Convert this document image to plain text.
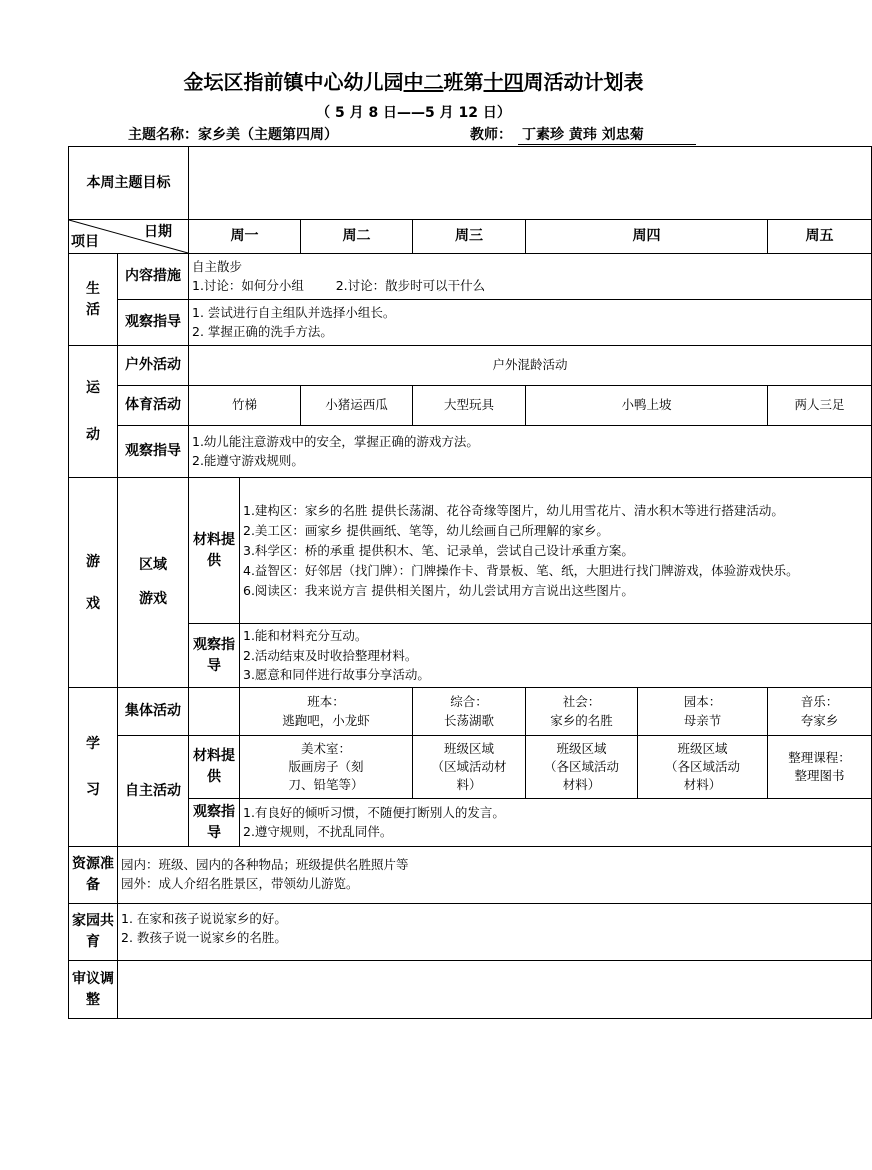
金坛区指前镇中心幼儿园中二班第十四周活动计划表
（ 5 月 8 日——5 月 12 日）
主题名称：家乡美（主题第四周）	教师： 丁素珍 黄玮 刘忠菊
本周主题目标								

日期
项目		周一		周二	周三	周四		周五

生
活	内容措施	自主散步
1.讨论：如何分小组        2.讨论：散步时可以干什么						

	观察指导	1. 尝试进行自主组队并选择小组长。
2. 掌握正确的洗手方法。						

运
动	户外活动	户外混龄活动						
	体育活动	竹梯		小猪运西瓜	大型玩具	小鸭上坡		两人三足
	观察指导	1.幼儿能注意游戏中的安全，掌握正确的游戏方法。
2.能遵守游戏规则。						

游
戏	区域
游戏	材料提供	1.建构区：家乡的名胜 提供长荡湖、花谷奇缘等图片，幼儿用雪花片、清水积木等进行搭建活动。
2.美工区：画家乡 提供画纸、笔等，幼儿绘画自己所理解的家乡。
3.科学区：桥的承重 提供积木、笔、记录单，尝试自己设计承重方案。
4.益智区：好邻居（找门牌）：门牌操作卡、背景板、笔、纸，大胆进行找门牌游戏，体验游戏快乐。
6.阅读区：我来说方言 提供相关图片，幼儿尝试用方言说出这些图片。					

		观察指导	1.能和材料充分互动。
2.活动结束及时收拾整理材料。
3.愿意和同伴进行故事分享活动。					

学
习	集体活动		班本：
逃跑吧，小龙虾		综合：
长荡湖歌	社会：
家乡的名胜	园本：
母亲节	音乐：
夸家乡

	自主活动	材料提供	美术室：
版画房子（刻
刀、铅笔等）		班级区域
（区域活动材
料）	班级区域
（各区域活动
材料）	班级区域
（各区域活动
材料）	整理课程：
整理图书

		观察指导	1.有良好的倾听习惯，不随便打断别人的发言。
2.遵守规则，不扰乱同伴。					

资源准备	园内：班级、园内的各种物品；班级提供名胜照片等
园外：成人介绍名胜景区，带领幼儿游览。							

家园共育	1. 在家和孩子说说家乡的好。
2. 教孩子说一说家乡的名胜。							

审议调整								
